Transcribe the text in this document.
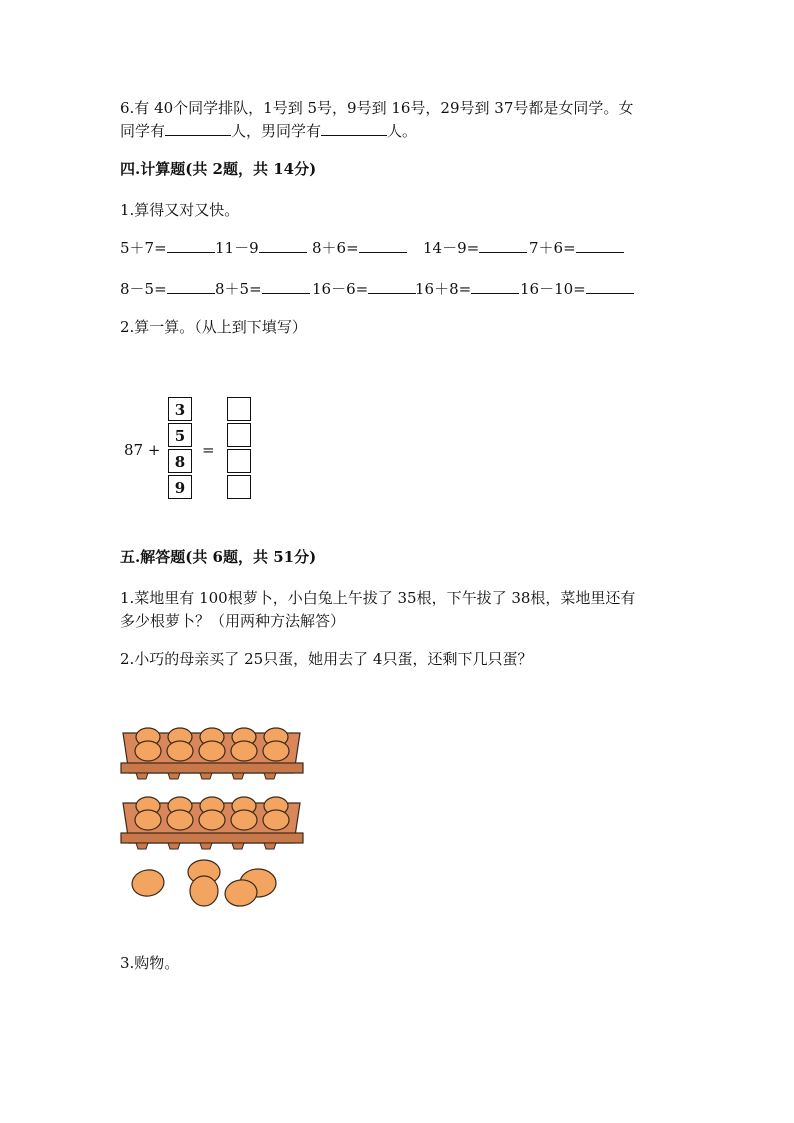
6.有 40个同学排队，1号到 5号，9号到 16号，29号到 37号都是女同学。女
同学有	人，男同学有	人。
四.计算题(共 2题，共 14分)
1.算得又对又快。
5＋7=	11－9	8＋6=	14－9=	7＋6=
8－5=	8＋5=	16－6=	16＋8=	16－10=
2.算一算。（从上到下填写）
87 +
3
5
8
9
=
五.解答题(共 6题，共 51分)
1.菜地里有 100根萝卜，小白兔上午拔了 35根，下午拔了 38根，菜地里还有
多少根萝卜？（用两种方法解答）
2.小巧的母亲买了 25只蛋，她用去了 4只蛋，还剩下几只蛋？
3.购物。
